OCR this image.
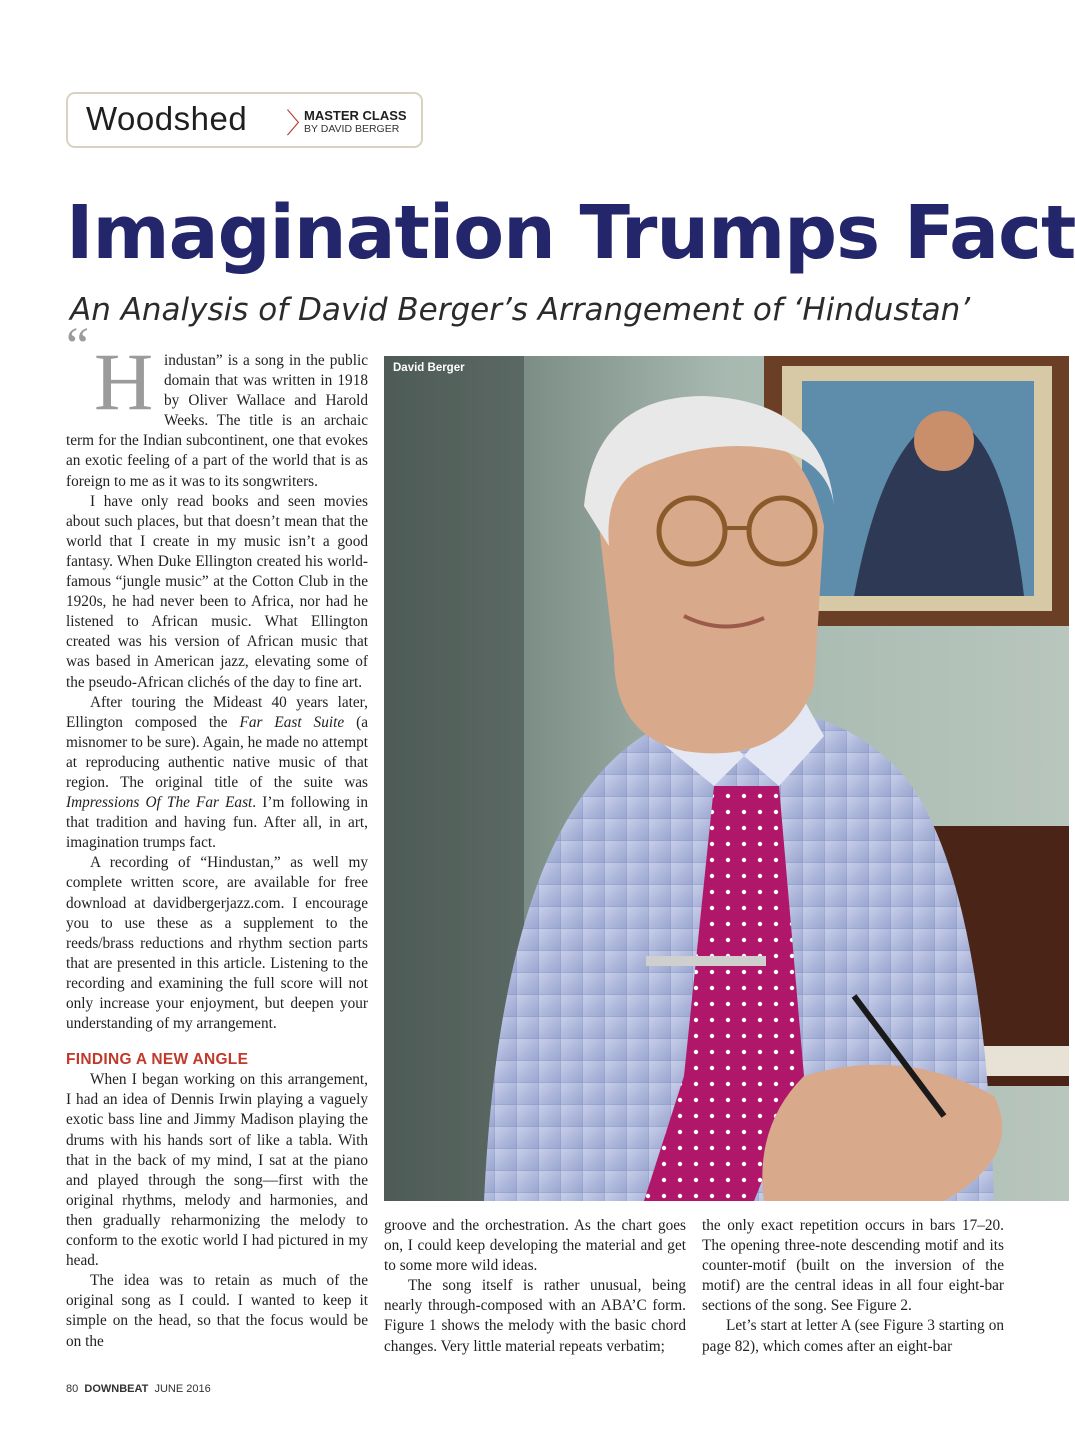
Woodshed 〉
MASTER CLASS
BY DAVID BERGER
Imagination Trumps Fact
An Analysis of David Berger’s Arrangement of ‘Hindustan’
“ H industan” is a song in the public domain that was written in 1918 by Oliver Wallace and Harold Weeks. The title is an archaic term for the Indian subcontinent, one that evokes an exotic feeling of a part of the world that is as foreign to me as it was to its songwriters.

I have only read books and seen movies about such places, but that doesn’t mean that the world that I create in my music isn’t a good fantasy. When Duke Ellington created his world-famous “jungle music” at the Cotton Club in the 1920s, he had never been to Africa, nor had he listened to African music. What Ellington created was his version of African music that was based in American jazz, elevating some of the pseudo-African clichés of the day to fine art.

After touring the Mideast 40 years later, Ellington composed the Far East Suite (a misnomer to be sure). Again, he made no attempt at reproducing authentic native music of that region. The original title of the suite was Impressions Of The Far East. I’m following in that tradition and having fun. After all, in art, imagination trumps fact.

A recording of “Hindustan,” as well my complete written score, are available for free download at davidbergerjazz.com. I encourage you to use these as a supplement to the reeds/brass reductions and rhythm section parts that are presented in this article. Listening to the recording and examining the full score will not only increase your enjoyment, but deepen your understanding of my arrangement.

FINDING A NEW ANGLE

When I began working on this arrangement, I had an idea of Dennis Irwin playing a vaguely exotic bass line and Jimmy Madison playing the drums with his hands sort of like a tabla. With that in the back of my mind, I sat at the piano and played through the song—first with the original rhythms, melody and harmonies, and then gradually reharmonizing the melody to conform to the exotic world I had pictured in my head.

The idea was to retain as much of the original song as I could. I wanted to keep it simple on the head, so that the focus would be on the

David Berger

groove and the orchestration. As the chart goes on, I could keep developing the material and get to some more wild ideas.

The song itself is rather unusual, being nearly through-composed with an ABA’C form. Figure 1 shows the melody with the basic chord changes. Very little material repeats verbatim;

the only exact repetition occurs in bars 17–20. The opening three-note descending motif and its counter-motif (built on the inversion of the motif) are the central ideas in all four eight-bar sections of the song. See Figure 2.

Let’s start at letter A (see Figure 3 starting on page 82), which comes after an eight-bar

80 DOWNBEAT JUNE 2016
